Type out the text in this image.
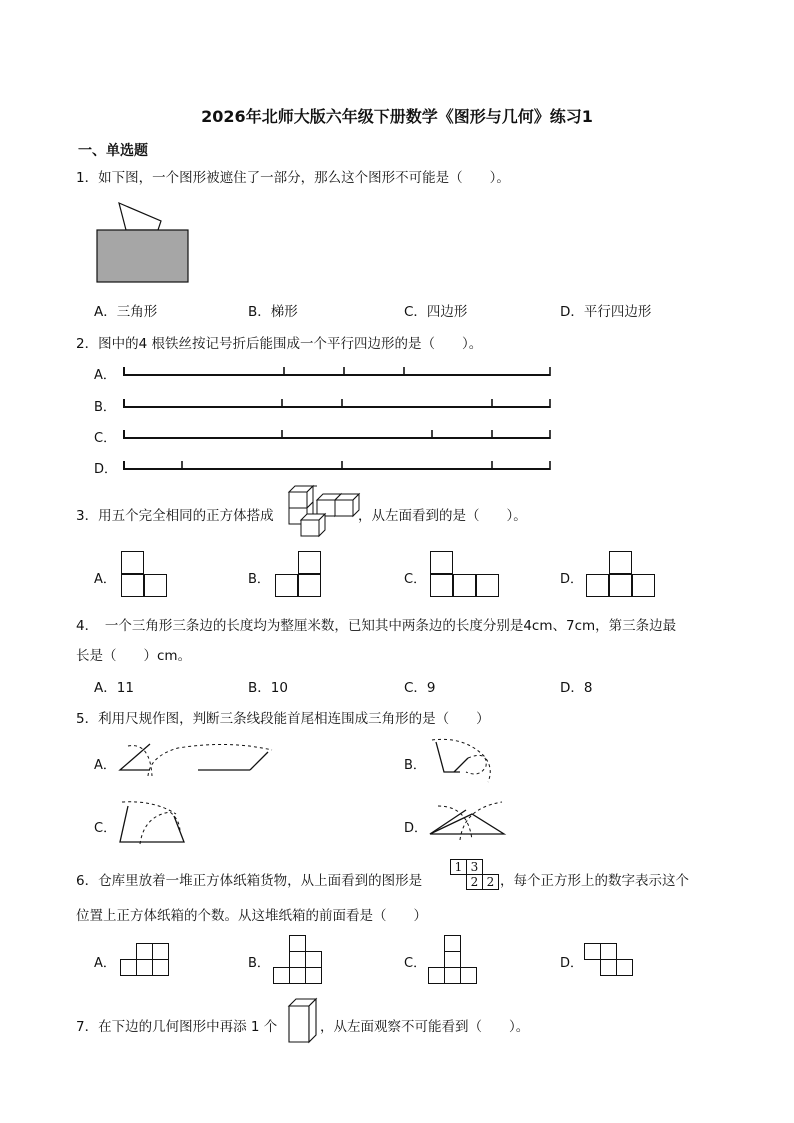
2026年北师大版六年级下册数学《图形与几何》练习1
一、单选题
1．如下图，一个图形被遮住了一部分，那么这个图形不可能是（　　）。
A．三角形	B．梯形	C．四边形	D．平行四边形
2．图中的4 根铁丝按记号折后能围成一个平行四边形的是（　　）。
A．
B．
C．
D．
3．用五个完全相同的正方体搭成	，从左面看到的是（　　）。
A．	B．	C．	D．
4．　一个三角形三条边的长度均为整厘米数，已知其中两条边的长度分别是4cm、7cm，第三条边最
长是（　　）cm。
A．11	B．10	C．9	D．8
5．利用尺规作图，判断三条线段能首尾相连围成三角形的是（　　）
A．	B．
C．	D．
6．仓库里放着一堆正方体纸箱货物，从上面看到的图形是
1 3
2 2 ，每个正方形上的数字表示这个
位置上正方体纸箱的个数。从这堆纸箱的前面看是（　　）
A．	B．	C．	D．
7．在下边的几何图形中再添 1 个	，从左面观察不可能看到（　　）。
